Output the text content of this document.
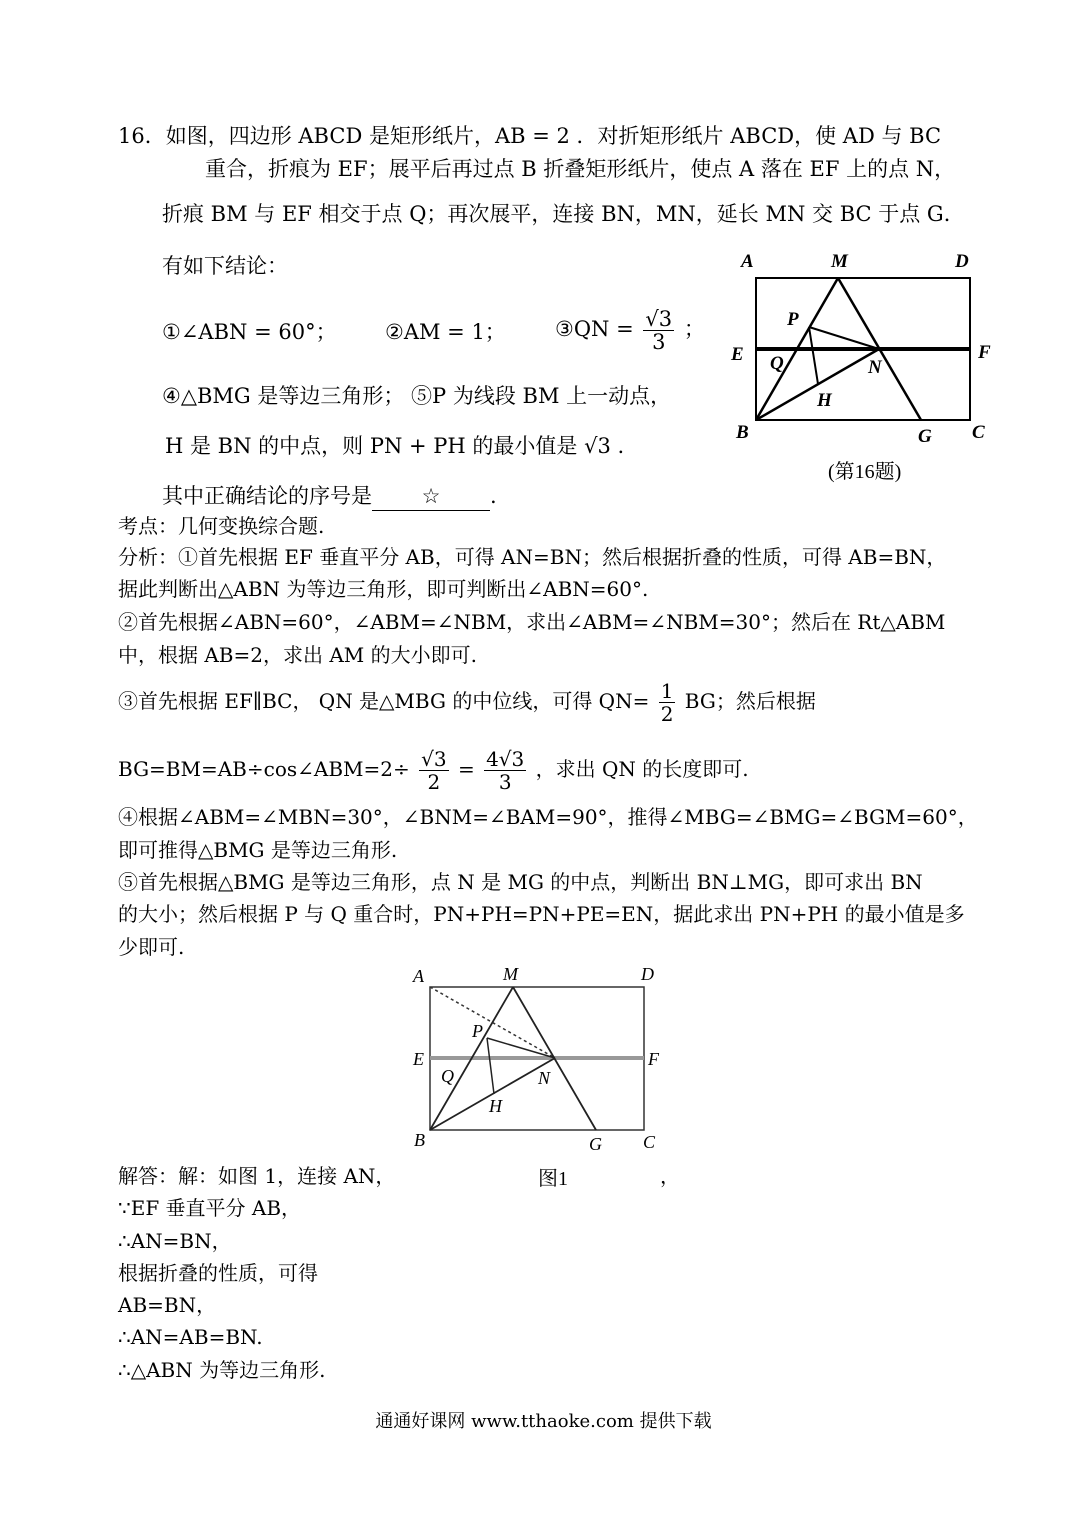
16．如图，四边形 ABCD 是矩形纸片，AB = 2 ．对折矩形纸片 ABCD，使 AD 与 BC
重合，折痕为 EF；展平后再过点 B 折叠矩形纸片，使点 A 落在 EF 上的点 N，
折痕 BM 与 EF 相交于点 Q；再次展平，连接 BN，MN，延长 MN 交 BC 于点 G．
有如下结论：
①∠ABN = 60°； ②AM = 1； ③QN = $\frac{√3}{3}$ ；
④△BMG 是等边三角形； ⑤P 为线段 BM 上一动点，
H 是 BN 的中点，则 PN + PH 的最小值是 √3 .
其中正确结论的序号是 ☆ .
A	M	D
P
E Q	N
F
H
B	G C
(第16题)
考点：几何变换综合题.
分析：①首先根据 EF 垂直平分 AB，可得 AN=BN；然后根据折叠的性质，可得 AB=BN，
据此判断出△ABN 为等边三角形，即可判断出∠ABN=60°.
②首先根据∠ABN=60°，∠ABM=∠NBM，求出∠ABM=∠NBM=30°；然后在 Rt△ABM
中，根据 AB=2，求出 AM 的大小即可.
③首先根据 EF∥BC， QN 是△MBG 的中位线，可得 $QN= \frac{1}{2}$ BG；然后根据
BG=BM=AB÷cos∠ABM=2÷ $\frac{√3}{2} = \frac{4√3}{3}$ ，求出 QN 的长度即可.
④根据∠ABM=∠MBN=30°，∠BNM=∠BAM=90°，推得∠MBG=∠BMG=∠BGM=60°，
即可推得△BMG 是等边三角形.
⑤首先根据△BMG 是等边三角形，点 N 是 MG 的中点，判断出 BN⊥MG，即可求出 BN
的大小；然后根据 P 与 Q 重合时，PN+PH=PN+PE=EN，据此求出 PN+PH 的最小值是多
少即可.
A	M	D
P
E	F
Q	N
H
B	G C
解答：解：如图 1，连接 AN，	图1	，
∵EF 垂直平分 AB，
∴AN=BN，
根据折叠的性质，可得
AB=BN，
∴AN=AB=BN.
∴△ABN 为等边三角形.
通通好课网 www.tthaoke.com 提供下载
